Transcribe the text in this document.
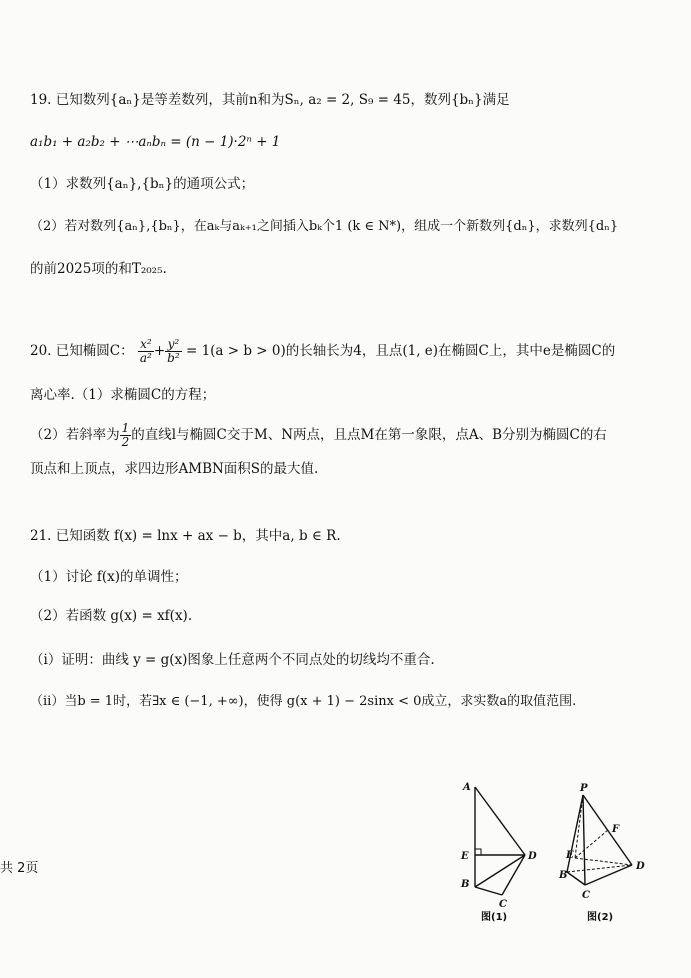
19. 已知数列{aₙ}是等差数列，其前n和为Sₙ, a₂ = 2, S₉ = 45，数列{bₙ}满足
a₁b₁ + a₂b₂ + ⋯aₙbₙ = (n − 1)·2ⁿ + 1
（1）求数列{aₙ},{bₙ}的通项公式；
（2）若对数列{aₙ},{bₙ}，在aₖ与aₖ₊₁之间插入bₖ个1 (k ∈ N*)，组成一个新数列{dₙ}，求数列{dₙ}
的前2025项的和T₂₀₂₅.
20. 已知椭圆C： $\frac{\text{x²}}{\text{a²}} + \frac{\text{y²}}{\text{b²}} = 1(a > b > 0)$的长轴长为4，且点(1, e)在椭圆C上，其中e是椭圆C的
离心率.（1）求椭圆C的方程；
（2）若斜率为 $\frac{1}{2}$ 的直线l与椭圆C交于M、N两点，且点M在第一象限，点A、B分别为椭圆C的右
顶点和上顶点，求四边形AMBN面积S的最大值.
21. 已知函数 f(x) = lnx + ax − b，其中a, b ∈ R.
（1）讨论 f(x)的单调性；
（2）若函数 g(x) = xf(x).
（i）证明：曲线 y = g(x)图象上任意两个不同点处的切线均不重合.
（ii）当b = 1时，若∃x ∈ (−1, +∞)，使得 g(x + 1) − 2sinx < 0成立，求实数a的取值范围.
共 2页
A
E	D
B
C
图(1)
P
F
E
D
B
C
图(2)
